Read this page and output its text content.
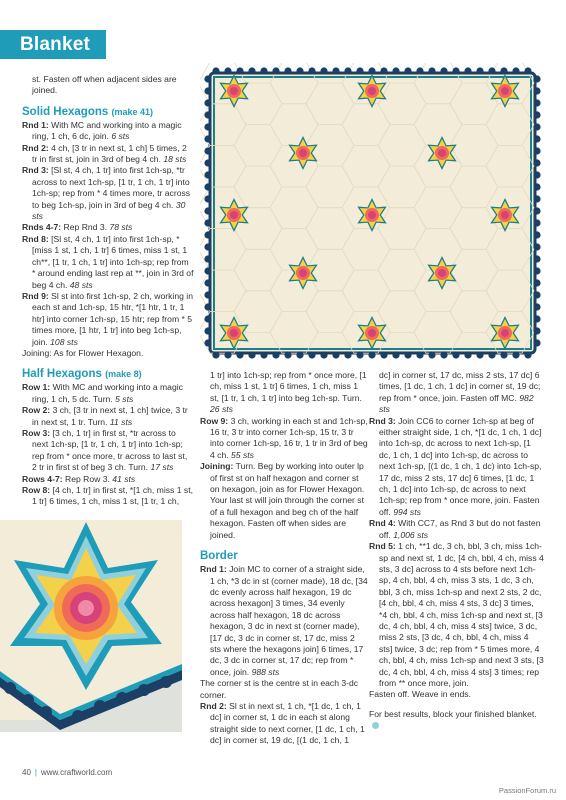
Blanket

st. Fasten off when adjacent sides are joined.

Solid Hexagons (make 41)

Rnd 1: With MC and working into a magic ring, 1 ch, 6 dc, join. 6 sts

Rnd 2: 4 ch, [3 tr in next st, 1 ch] 5 times, 2 tr in first st, join in 3rd of beg 4 ch. 18 sts

Rnd 3: [Sl st, 4 ch, 1 tr] into first 1ch-sp, *tr across to next 1ch-sp, [1 tr, 1 ch, 1 tr] into 1ch-sp; rep from * 4 times more, tr across to beg 1ch-sp, join in 3rd of beg 4 ch. 30 sts

Rnds 4-7: Rep Rnd 3. 78 sts

Rnd 8: [Sl st, 4 ch, 1 tr] into first 1ch-sp, *[miss 1 st, 1 ch, 1 tr] 6 times, miss 1 st, 1 ch**, [1 tr, 1 ch, 1 tr] into 1ch-sp; rep from * around ending last rep at **, join in 3rd of beg 4 ch. 48 sts

Rnd 9: Sl st into first 1ch-sp, 2 ch, working in each st and 1ch-sp, 15 htr, *[1 htr, 1 tr, 1 htr] into corner 1ch-sp, 15 htr; rep from * 5 times more, [1 htr, 1 tr] into beg 1ch-sp, join. 108 sts

Joining: As for Flower Hexagon.

Half Hexagons (make 8)

Row 1: With MC and working into a magic ring, 1 ch, 5 dc. Turn. 5 sts

Row 2: 3 ch, [3 tr in next st, 1 ch] twice, 3 tr in next st, 1 tr. Turn. 11 sts

Row 3: [3 ch, 1 tr] in first st, *tr across to next 1ch-sp, [1 tr, 1 ch, 1 tr] into 1ch-sp; rep from * once more, tr across to last st, 2 tr in first st of beg 3 ch. Turn. 17 sts

Rows 4-7: Rep Row 3. 41 sts

Row 8: [4 ch, 1 tr] in first st, *[1 ch, miss 1 st, 1 tr] 6 times, 1 ch, miss 1 st, [1 tr, 1 ch,

1 tr] into 1ch-sp; rep from * once more, [1 ch, miss 1 st, 1 tr] 6 times, 1 ch, miss 1 st, [1 tr, 1 ch, 1 tr] into beg 1ch-sp. Turn. 26 sts

Row 9: 3 ch, working in each st and 1ch-sp, 16 tr, 3 tr into corner 1ch-sp, 15 tr, 3 tr into corner 1ch-sp, 16 tr, 1 tr in 3rd of beg 4 ch. 55 sts

Joining: Turn. Beg by working into outer lp of first st on half hexagon and corner st on hexagon, join as for Flower Hexagon. Your last st will join through the corner st of a full hexagon and beg ch of the half hexagon. Fasten off when sides are joined.

Border

Rnd 1: Join MC to corner of a straight side, 1 ch, *3 dc in st (corner made), 18 dc, [34 dc evenly across half hexagon, 19 dc across hexagon] 3 times, 34 evenly across half hexagon, 18 dc across hexagon, 3 dc in next st (corner made), [17 dc, 3 dc in corner st, 17 dc, miss 2 sts where the hexagons join] 6 times, 17 dc, 3 dc in corner st, 17 dc; rep from * once, join. 988 sts

The corner st is the centre st in each 3-dc corner.

Rnd 2: Sl st in next st, 1 ch, *[1 dc, 1 ch, 1 dc] in corner st, 1 dc in each st along straight side to next corner, [1 dc, 1 ch, 1 dc] in corner st, 19 dc, [(1 dc, 1 ch, 1

dc] in corner st, 17 dc, miss 2 sts, 17 dc] 6 times, [1 dc, 1 ch, 1 dc] in corner st, 19 dc; rep from * once, join. Fasten off MC. 982 sts

Rnd 3: Join CC6 to corner 1ch-sp at beg of either straight side, 1 ch, *[1 dc, 1 ch, 1 dc] into 1ch-sp, dc across to next 1ch-sp, [1 dc, 1 ch, 1 dc] into 1ch-sp, dc across to next 1ch-sp, [(1 dc, 1 ch, 1 dc) into 1ch-sp, 17 dc, miss 2 sts, 17 dc] 6 times, [1 dc, 1 ch, 1 dc] into 1ch-sp, dc across to next 1ch-sp; rep from * once more, join. Fasten off. 994 sts

Rnd 4: With CC7, as Rnd 3 but do not fasten off. 1,006 sts

Rnd 5: 1 ch, **1 dc, 3 ch, bbl, 3 ch, miss 1ch-sp and next st, 1 dc, [4 ch, bbl, 4 ch, miss 4 sts, 3 dc] across to 4 sts before next 1ch-sp, 4 ch, bbl, 4 ch, miss 3 sts, 1 dc, 3 ch, bbl, 3 ch, miss 1ch-sp and next 2 sts, 2 dc, [4 ch, bbl, 4 ch, miss 4 sts, 3 dc] 3 times, *4 ch, bbl, 4 ch, miss 1ch-sp and next st, [3 dc, 4 ch, bbl, 4 ch, miss 4 sts] twice, 3 dc, miss 2 sts, [3 dc, 4 ch, bbl, 4 ch, miss 4 sts] twice, 3 dc; rep from * 5 times more, 4 ch, bbl, 4 ch, miss 1ch-sp and next 3 sts, [3 dc, 4 ch, bbl, 4 ch, miss 4 sts] 3 times; rep from ** once more, join.

Fasten off. Weave in ends.

For best results, block your finished blanket.

40 | www.craftworld.com
PassionForum.ru
